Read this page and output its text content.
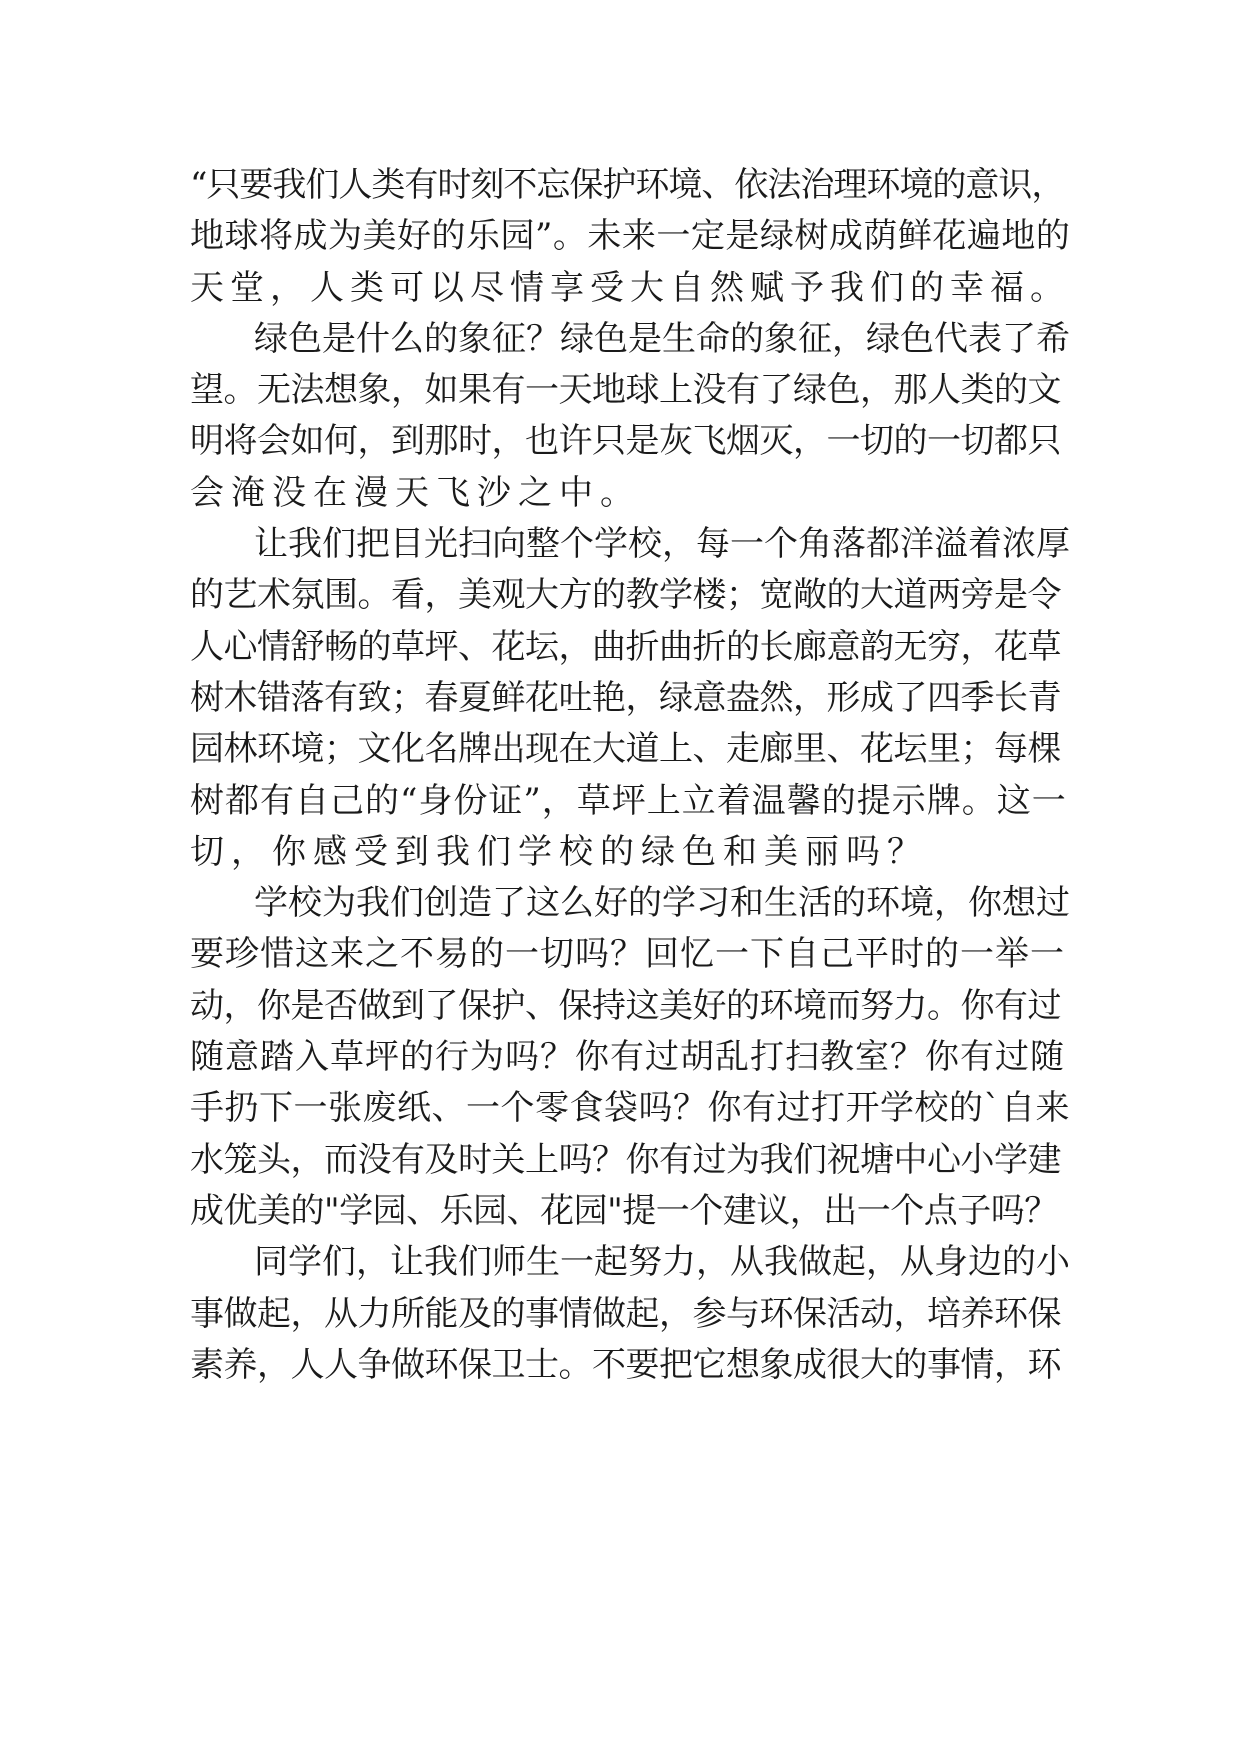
“只要我们人类有时刻不忘保护环境、依法治理环境的意识，
地球将成为美好的乐园”。未来一定是绿树成荫鲜花遍地的
天堂，人类可以尽情享受大自然赋予我们的幸福。
绿色是什么的象征？绿色是生命的象征，绿色代表了希
望。无法想象，如果有一天地球上没有了绿色，那人类的文
明将会如何，到那时，也许只是灰飞烟灭，一切的一切都只
会淹没在漫天飞沙之中。
让我们把目光扫向整个学校，每一个角落都洋溢着浓厚
的艺术氛围。看，美观大方的教学楼；宽敞的大道两旁是令
人心情舒畅的草坪、花坛，曲折曲折的长廊意韵无穷，花草
树木错落有致；春夏鲜花吐艳，绿意盎然，形成了四季长青
园林环境；文化名牌出现在大道上、走廊里、花坛里；每棵
树都有自己的“身份证”，草坪上立着温馨的提示牌。这一
切，你感受到我们学校的绿色和美丽吗？
学校为我们创造了这么好的学习和生活的环境，你想过
要珍惜这来之不易的一切吗？回忆一下自己平时的一举一
动，你是否做到了保护、保持这美好的环境而努力。你有过
随意踏入草坪的行为吗？你有过胡乱打扫教室？你有过随
手扔下一张废纸、一个零食袋吗？你有过打开学校的`自来
水笼头，而没有及时关上吗？你有过为我们祝塘中心小学建
成优美的"学园、乐园、花园"提一个建议，出一个点子吗？
同学们，让我们师生一起努力，从我做起，从身边的小
事做起，从力所能及的事情做起，参与环保活动，培养环保
素养，人人争做环保卫士。不要把它想象成很大的事情，环
